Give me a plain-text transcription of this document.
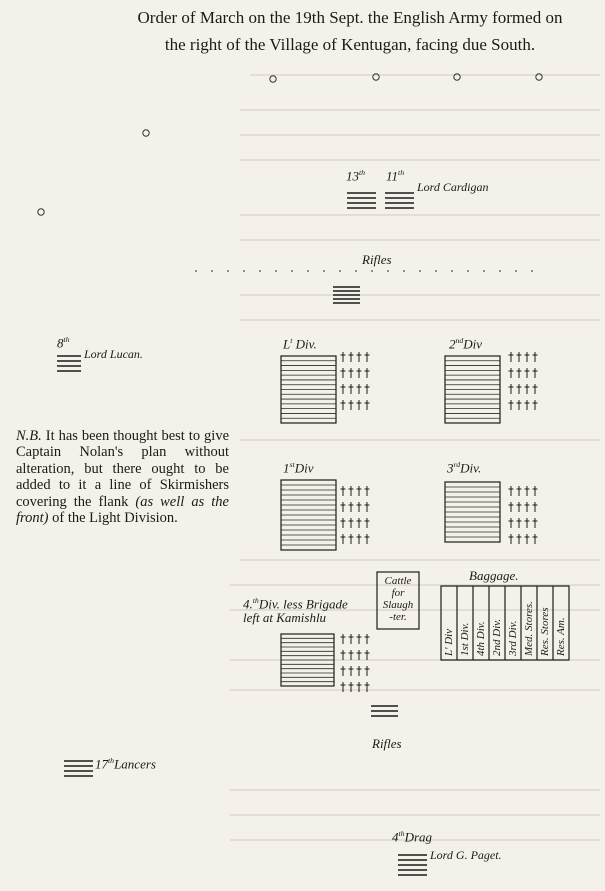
Order of March on the 19th Sept. the English Army formed on
the right of the Village of Kentugan, facing due South.
13th 11th
Lord Cardigan
Rifles
8th
Lord Lucan.
$L^t$ Div.	2ndDiv
1stDiv	3rdDiv.
4.$^{th}$Div. less Brigade
left at Kamishlu
Cattle
for
Slaugh
-ter.
Baggage.
L' Div 1st Div. 4th Div. 2nd Div. 3rd Div. Med. Stores. Res. Stores Res. Am.
Rifles
17thLancers
4thDrag
Lord G. Paget.
N.B. It has been thought best to give Captain Nolan's plan without alteration, but there ought to be added to it a line of Skirmishers covering the flank (as well as the front) of the Light Division.
